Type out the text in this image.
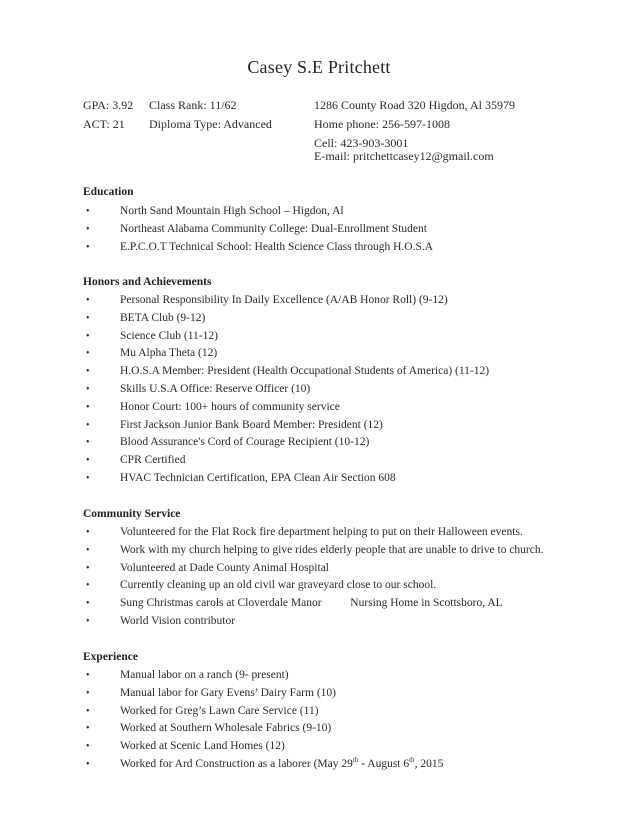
Casey S.E Pritchett
GPA: 3.92 Class Rank: 11/62	1286 County Road 320 Higdon, Al 35979
ACT: 21 Diploma Type: Advanced	Home phone: 256-597-1008
Cell: 423-903-3001
E-mail: pritchettcasey12@gmail.com
Education
•	North Sand Mountain High School – Higdon, Al
•	Northeast Alabama Community College: Dual-Enrollment Student
•	E.P.C.O.T Technical School: Health Science Class through H.O.S.A
Honors and Achievements
•	Personal Responsibility In Daily Excellence (A/AB Honor Roll) (9-12)
•	BETA Club (9-12)
•	Science Club (11-12)
•	Mu Alpha Theta (12)
•	H.O.S.A Member: President (Health Occupational Students of America) (11-12)
•	Skills U.S.A Office: Reserve Officer (10)
•	Honor Court: 100+ hours of community service
•	First Jackson Junior Bank Board Member: President (12)
•	Blood Assurance's Cord of Courage Recipient (10-12)
•	CPR Certified
•	HVAC Technician Certification, EPA Clean Air Section 608
Community Service
•	Volunteered for the Flat Rock fire department helping to put on their Halloween events.
•	Work with my church helping to give rides elderly people that are unable to drive to church.
•	Volunteered at Dade County Animal Hospital
•	Currently cleaning up an old civil war graveyard close to our school.
•	Sung Christmas carols at Cloverdale Manor          Nursing Home in Scottsboro, AL
•	World Vision contributor
Experience
•	Manual labor on a ranch (9- present)
•	Manual labor for Gary Evens’ Dairy Farm (10)
•	Worked for Greg’s Lawn Care Service (11)
•	Worked at Southern Wholesale Fabrics (9-10)
•	Worked at Scenic Land Homes (12)
•	Worked for Ard Construction as a laborer (May 29th - August 6th, 2015
